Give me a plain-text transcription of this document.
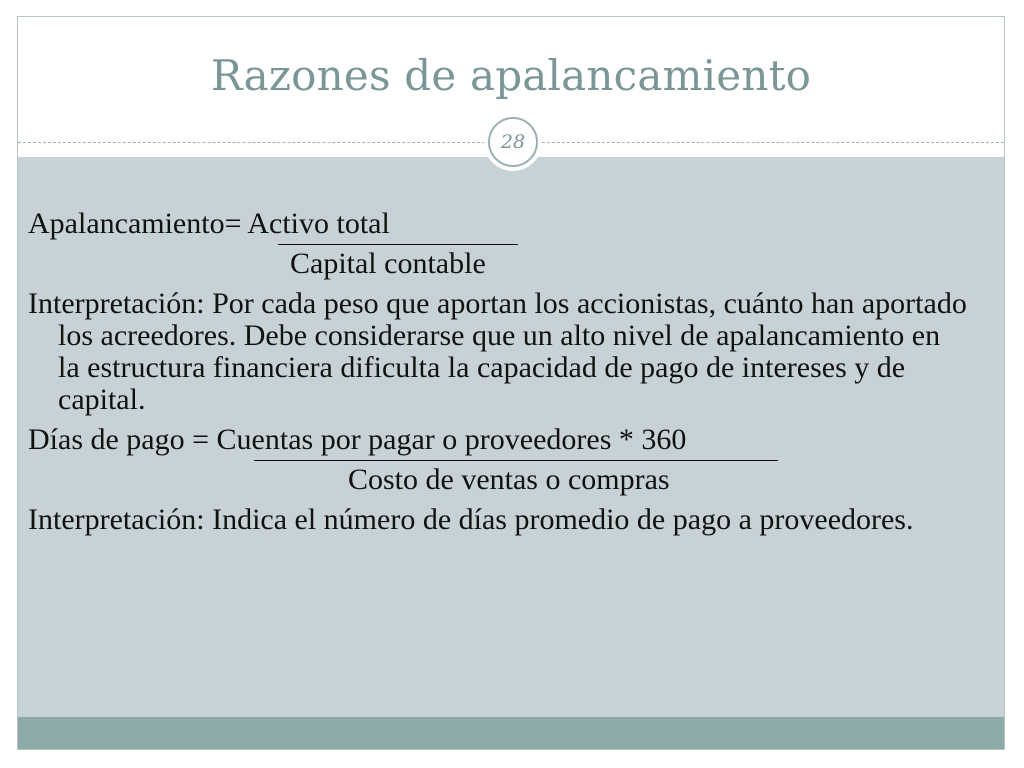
Razones de apalancamiento
28
Apalancamiento= Activo total
Capital contable
Interpretación: Por cada peso que aportan los accionistas, cuánto han aportado los acreedores. Debe considerarse que un alto nivel de apalancamiento en la estructura financiera dificulta la capacidad de pago de intereses y de capital.
Días de pago = Cuentas por pagar o proveedores * 360
Costo de ventas o compras
Interpretación: Indica el número de días promedio de pago a proveedores.
